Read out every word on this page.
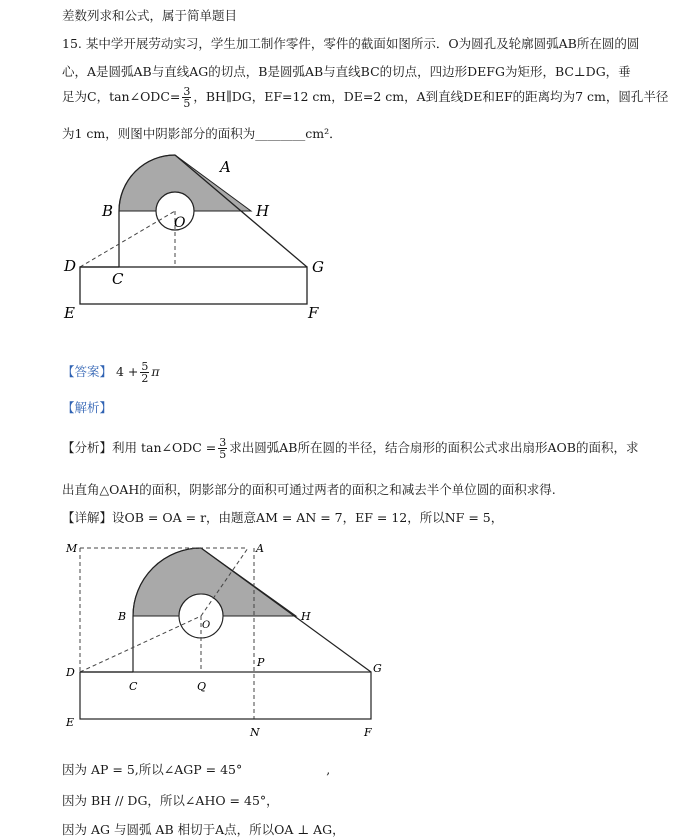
差数列求和公式，属于简单题目
15. 某中学开展劳动实习，学生加工制作零件，零件的截面如图所示．O为圆孔及轮廓圆弧AB所在圆的圆
心，A是圆弧AB与直线AG的切点，B是圆弧AB与直线BC的切点，四边形DEFG为矩形，BC⊥DG，垂
足为C，tan∠ODC= $\frac{3}{5}$ ，BH∥DG，EF=12 cm，DE=2 cm，A到直线DE和EF的距离均为7 cm，圆孔半径
为1 cm，则图中阴影部分的面积为________cm²．
A
B	H
O
D
C
G
E	F
【答案】 $4 + \frac{5}{2}$ π
【解析】
【分析】利用 tan∠ODC = $\frac{3}{5}$ 求出圆弧AB所在圆的半径，结合扇形的面积公式求出扇形AOB的面积，求
出直角△OAH的面积，阴影部分的面积可通过两者的面积之和减去半个单位圆的面积求得.
【详解】设OB = OA = r，由题意AM = AN = 7，EF = 12，所以NF = 5，
M	A
B	H
O
P
D
C	Q
G
E
N	F
因为 AP = 5,所以∠AGP = 45°	,
因为 BH // DG，所以∠AHO = 45°，
因为 AG 与圆弧 AB 相切于A点，所以OA ⊥ AG，
